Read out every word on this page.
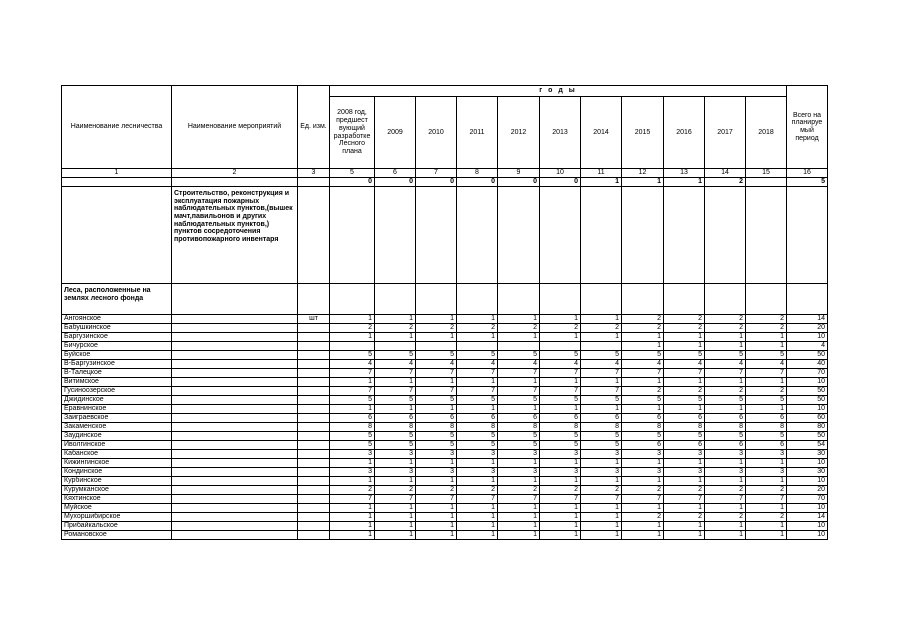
Наименование лесничества	Наименование мероприятий	Ед. изм.	г о д ы											Всего на планируе мый период
			2008 год, предшест вующий разработке Лесного плана	2009	2010	2011	2012	2013	2014	2015	2016	2017	2018	
1	2	3	5	6	7	8	9	10	11	12	13	14	15	16
			0	0	0	0	0	0	1	1	1	2		5
	Строительство, реконструкция и эксплуатация пожарных наблюдательных пунктов,(вышек мачт,павильонов и других наблюдательных пунктов,) пунктов сосредоточения противопожарного инвентаря													
Леса, расположенные на землях лесного фонда														
Ангоянское		шт	1	1	1	1	1	1	1	2	2	2	2	14
Бабушкинское			2	2	2	2	2	2	2	2	2	2	2	20
Баргузинское			1	1	1	1	1	1	1	1	1	1	1	10
Бичурское										1	1	1	1	4
Буйское			5	5	5	5	5	5	5	5	5	5	5	50
В-Баргузинское			4	4	4	4	4	4	4	4	4	4	4	40
В-Талецкое			7	7	7	7	7	7	7	7	7	7	7	70
Витимское			1	1	1	1	1	1	1	1	1	1	1	10
Гусиноозерское			7	7	7	7	7	7	7	2	2	2	2	50
Джидинское			5	5	5	5	5	5	5	5	5	5	5	50
Еравнинское			1	1	1	1	1	1	1	1	1	1	1	10
Заиграевское			6	6	6	6	6	6	6	6	6	6	6	60
Закаменское			8	8	8	8	8	8	8	8	8	8	8	80
Заудинское			5	5	5	5	5	5	5	5	5	5	5	50
Иволгинское			5	5	5	5	5	5	5	6	6	6	6	54
Кабанское			3	3	3	3	3	3	3	3	3	3	3	30
Кижингинское			1	1	1	1	1	1	1	1	1	1	1	10
Кондинское			3	3	3	3	3	3	3	3	3	3	3	30
Курбинское			1	1	1	1	1	1	1	1	1	1	1	10
Курумканское			2	2	2	2	2	2	2	2	2	2	2	20
Кяхтинское			7	7	7	7	7	7	7	7	7	7	7	70
Муйское			1	1	1	1	1	1	1	1	1	1	1	10
Мухоршибирское			1	1	1	1	1	1	1	2	2	2	2	14
Прибайкальское			1	1	1	1	1	1	1	1	1	1	1	10
Романовское			1	1	1	1	1	1	1	1	1	1	1	10
